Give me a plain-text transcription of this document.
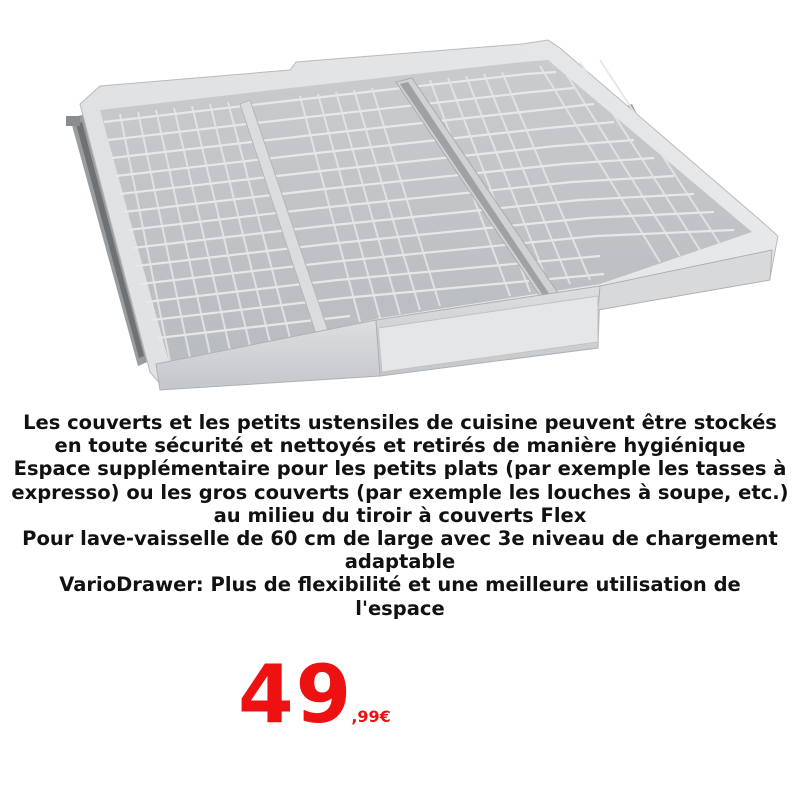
Les couverts et les petits ustensiles de cuisine peuvent être stockés
en toute sécurité et nettoyés et retirés de manière hygiénique
Espace supplémentaire pour les petits plats (par exemple les tasses à
expresso) ou les gros couverts (par exemple les louches à soupe, etc.)
au milieu du tiroir à couverts Flex
Pour lave-vaisselle de 60 cm de large avec 3e niveau de chargement
adaptable
VarioDrawer: Plus de flexibilité et une meilleure utilisation de
l'espace
49,99€
